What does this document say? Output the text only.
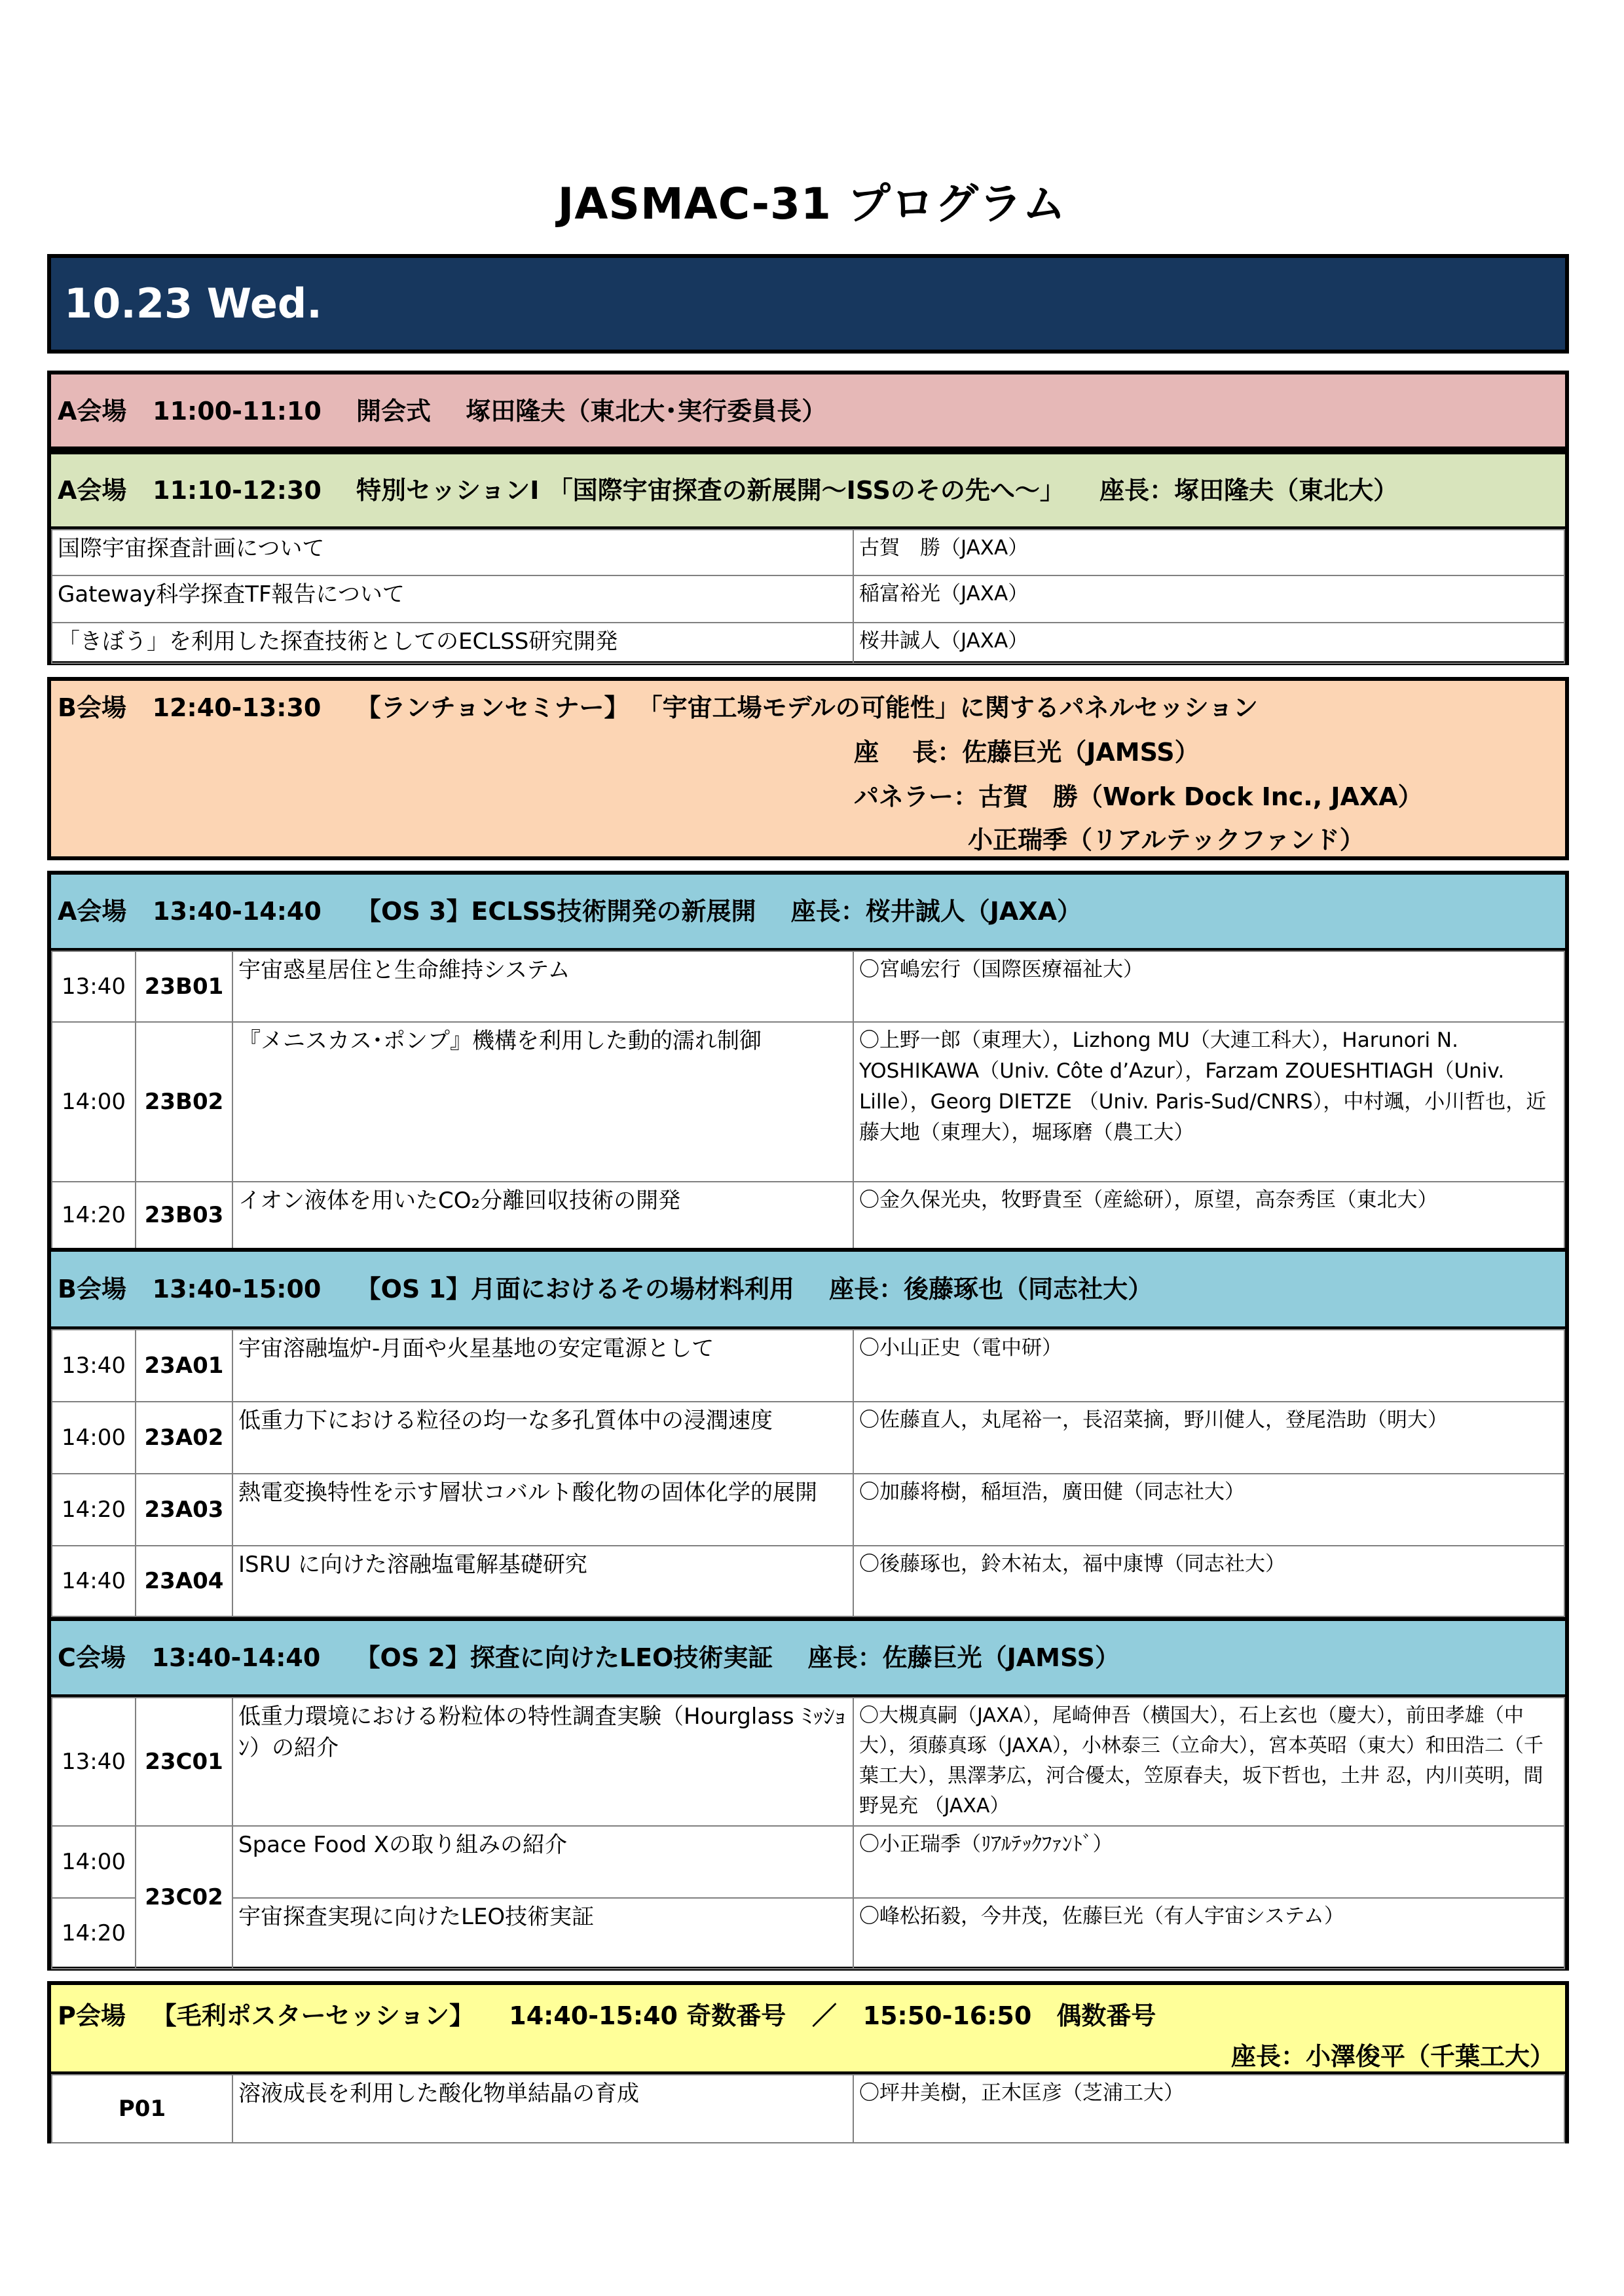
JASMAC-31 プログラム
10.23 Wed.
A会場 11:00-11:10 開会式 塚田隆夫（東北大･実行委員長）
A会場 11:10-12:30 特別セッションⅠ 「国際宇宙探査の新展開～ISSのその先へ～」 座長：塚田隆夫（東北大）
国際宇宙探査計画について	古賀　勝（JAXA）
Gateway科学探査TF報告について	稲富裕光（JAXA）
「きぼう」を利用した探査技術としてのECLSS研究開発	桜井誠人（JAXA）
B会場 12:40-13:30 【ランチョンセミナー】 「宇宙工場モデルの可能性」に関するパネルセッション
座　 長：佐藤巨光（JAMSS）
パネラー：古賀　勝（Work Dock Inc., JAXA）
小正瑞季（リアルテックファンド）
A会場 13:40-14:40 【OS 3】ECLSS技術開発の新展開 座長：桜井誠人（JAXA）
13:40	23B01	宇宙惑星居住と生命維持システム	〇宮嶋宏行（国際医療福祉大）
14:00	23B02	『メニスカス･ポンプ』機構を利用した動的濡れ制御	〇上野一郎（東理大），Lizhong MU（大連工科大），Harunori N. YOSHIKAWA（Univ. Côte d’Azur），Farzam ZOUESHTIAGH（Univ. Lille），Georg DIETZE （Univ. Paris-Sud/CNRS），中村颯，小川哲也，近藤大地（東理大），堀琢磨（農工大）
14:20	23B03	イオン液体を用いたCO₂分離回収技術の開発	〇金久保光央，牧野貴至（産総研），原望，高奈秀匡（東北大）
B会場 13:40-15:00 【OS 1】月面におけるその場材料利用 座長：後藤琢也（同志社大）
13:40	23A01	宇宙溶融塩炉-月面や火星基地の安定電源として	〇小山正史（電中研）
14:00	23A02	低重力下における粒径の均一な多孔質体中の浸潤速度	〇佐藤直人，丸尾裕一，長沼菜摘，野川健人，登尾浩助（明大）
14:20	23A03	熱電変換特性を示す層状コバルト酸化物の固体化学的展開	〇加藤将樹，稲垣浩，廣田健（同志社大）
14:40	23A04	ISRU に向けた溶融塩電解基礎研究	〇後藤琢也，鈴木祐太，福中康博（同志社大）
C会場 13:40-14:40 【OS 2】探査に向けたLEO技術実証 座長：佐藤巨光（JAMSS）
13:40	23C01	低重力環境における粉粒体の特性調査実験（Hourglass ﾐｯｼｮﾝ）の紹介	〇大槻真嗣（JAXA），尾崎伸吾（横国大），石上玄也（慶大），前田孝雄（中大），須藤真琢（JAXA），小林泰三（立命大），宮本英昭（東大）和田浩二（千葉工大），黒澤茅広，河合優太，笠原春夫，坂下哲也，土井 忍，内川英明，間野晃充 （JAXA）
14:00	23C02	Space Food Xの取り組みの紹介	〇小正瑞季（ﾘｱﾙﾃｯｸﾌｧﾝﾄﾞ）
14:20		宇宙探査実現に向けたLEO技術実証	〇峰松拓毅，今井茂，佐藤巨光（有人宇宙システム）
P会場 【毛利ポスターセッション】 14:40-15:40 奇数番号 ／ 15:50-16:50　偶数番号
座長：小澤俊平（千葉工大）
P01	溶液成長を利用した酸化物単結晶の育成	〇坪井美樹，正木匡彦（芝浦工大）
